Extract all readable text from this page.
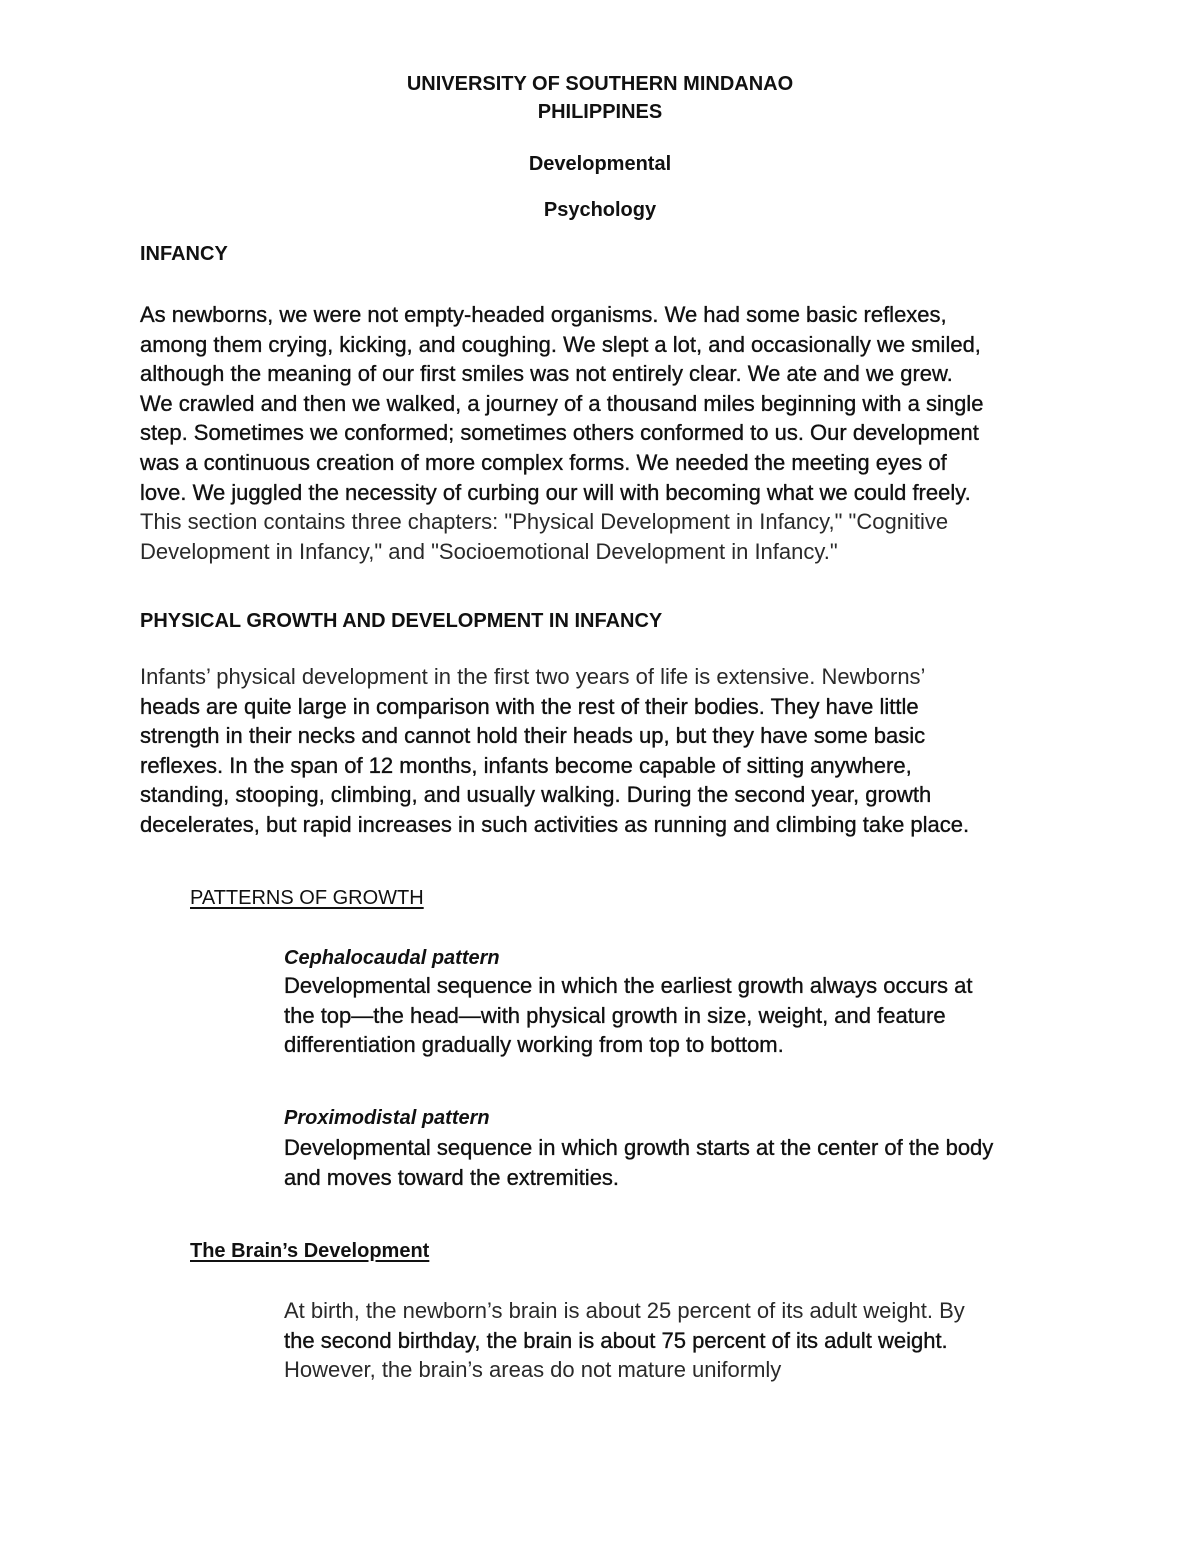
UNIVERSITY OF SOUTHERN MINDANAO
PHILIPPINES
Developmental
Psychology
INFANCY
As newborns, we were not empty-headed organisms. We had some basic reflexes,
among them crying, kicking, and coughing. We slept a lot, and occasionally we smiled,
although the meaning of our first smiles was not entirely clear. We ate and we grew.
We crawled and then we walked, a journey of a thousand miles beginning with a single
step. Sometimes we conformed; sometimes others conformed to us. Our development
was a continuous creation of more complex forms. We needed the meeting eyes of
love. We juggled the necessity of curbing our will with becoming what we could freely.
This section contains three chapters: "Physical Development in Infancy," "Cognitive
Development in Infancy," and "Socioemotional Development in Infancy."
PHYSICAL GROWTH AND DEVELOPMENT IN INFANCY
Infants’ physical development in the first two years of life is extensive. Newborns’
heads are quite large in comparison with the rest of their bodies. They have little
strength in their necks and cannot hold their heads up, but they have some basic
reflexes. In the span of 12 months, infants become capable of sitting anywhere,
standing, stooping, climbing, and usually walking. During the second year, growth
decelerates, but rapid increases in such activities as running and climbing take place.
PATTERNS OF GROWTH
Cephalocaudal pattern
Developmental sequence in which the earliest growth always occurs at
the top—the head—with physical growth in size, weight, and feature
differentiation gradually working from top to bottom.
Proximodistal pattern
Developmental sequence in which growth starts at the center of the body
and moves toward the extremities.
The Brain’s Development
At birth, the newborn’s brain is about 25 percent of its adult weight. By
the second birthday, the brain is about 75 percent of its adult weight.
However, the brain’s areas do not mature uniformly
